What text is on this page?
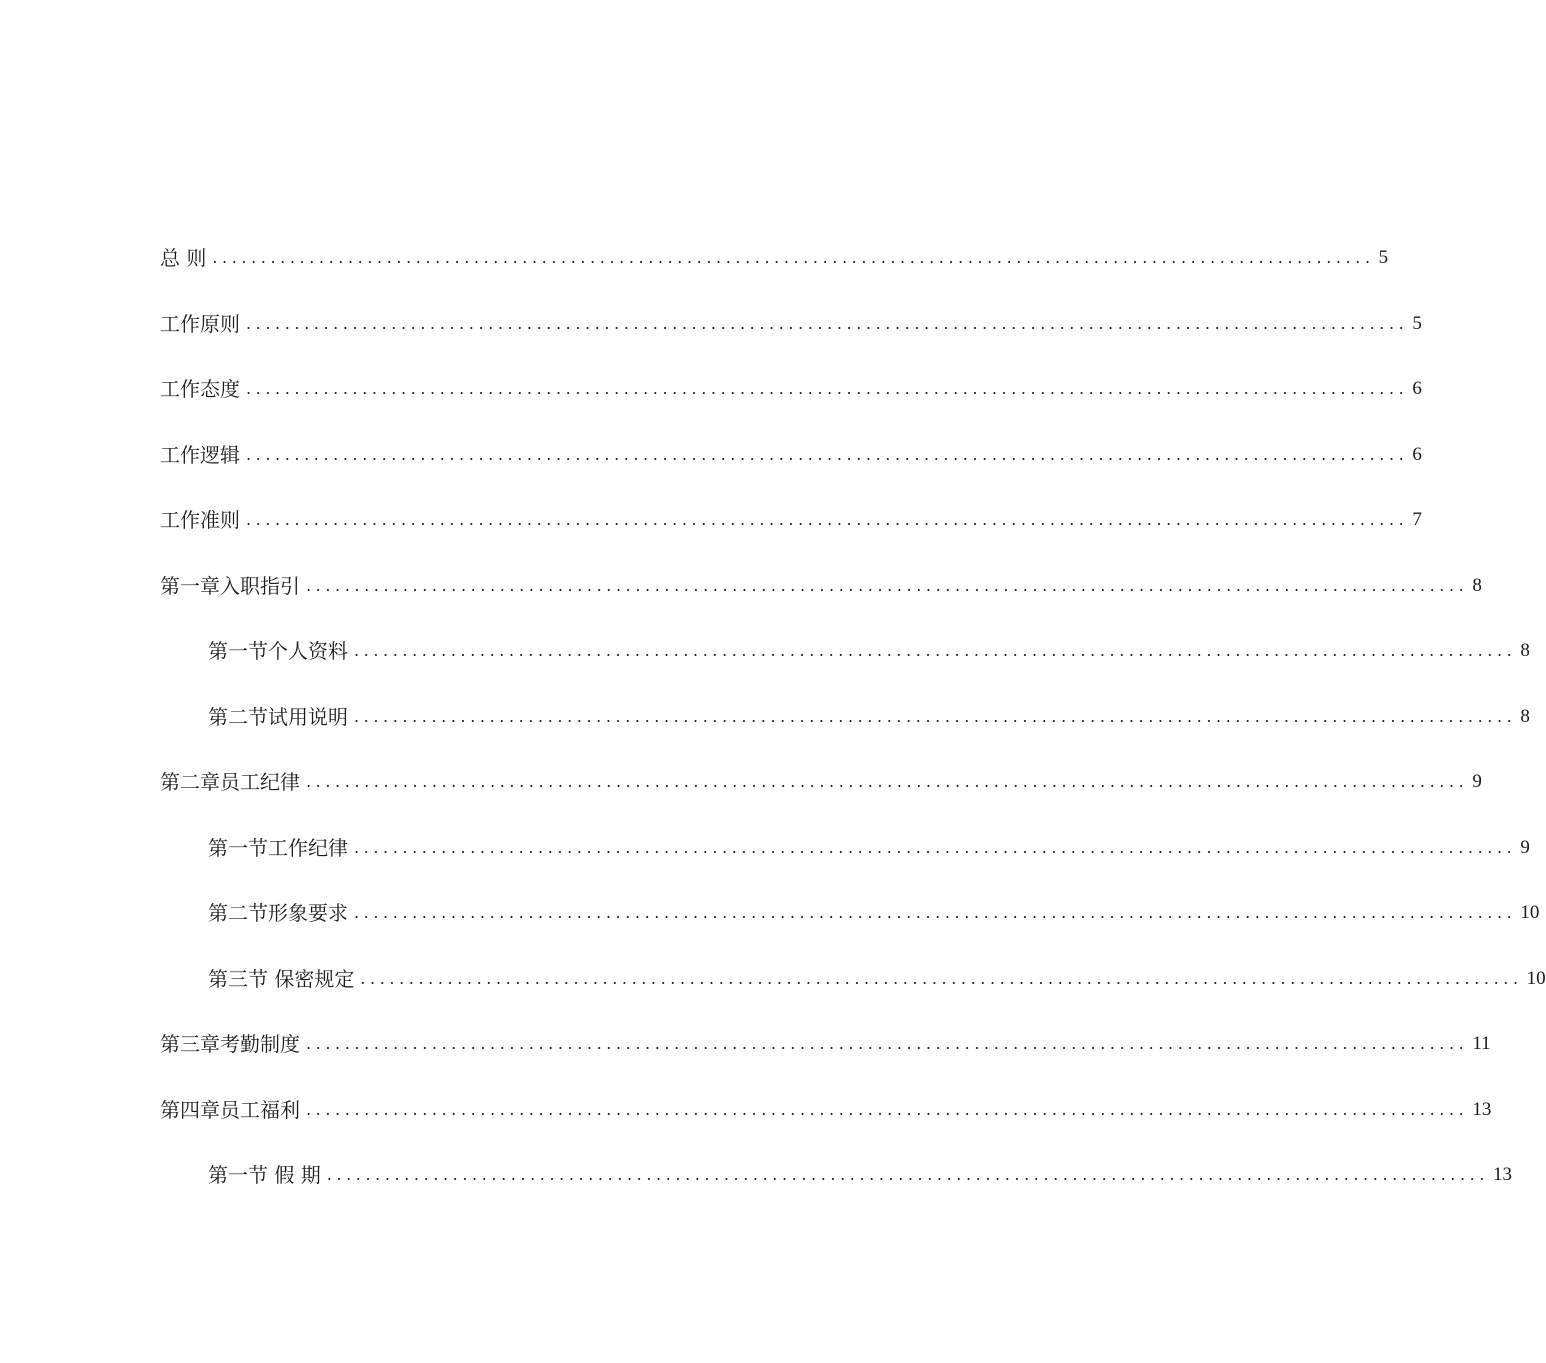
总 则 ........................................................................................................................ 5
工作原则 ........................................................................................................................ 5
工作态度 ........................................................................................................................ 6
工作逻辑 ........................................................................................................................ 6
工作准则 ........................................................................................................................ 7
第一章入职指引 ........................................................................................................................ 8
第一节个人资料 ........................................................................................................................ 8
第二节试用说明 ........................................................................................................................ 8
第二章员工纪律 ........................................................................................................................ 9
第一节工作纪律 ........................................................................................................................ 9
第二节形象要求 ........................................................................................................................ 10
第三节 保密规定 ........................................................................................................................ 10
第三章考勤制度 ........................................................................................................................ 11
第四章员工福利 ........................................................................................................................ 13
第一节 假 期 ........................................................................................................................ 13
